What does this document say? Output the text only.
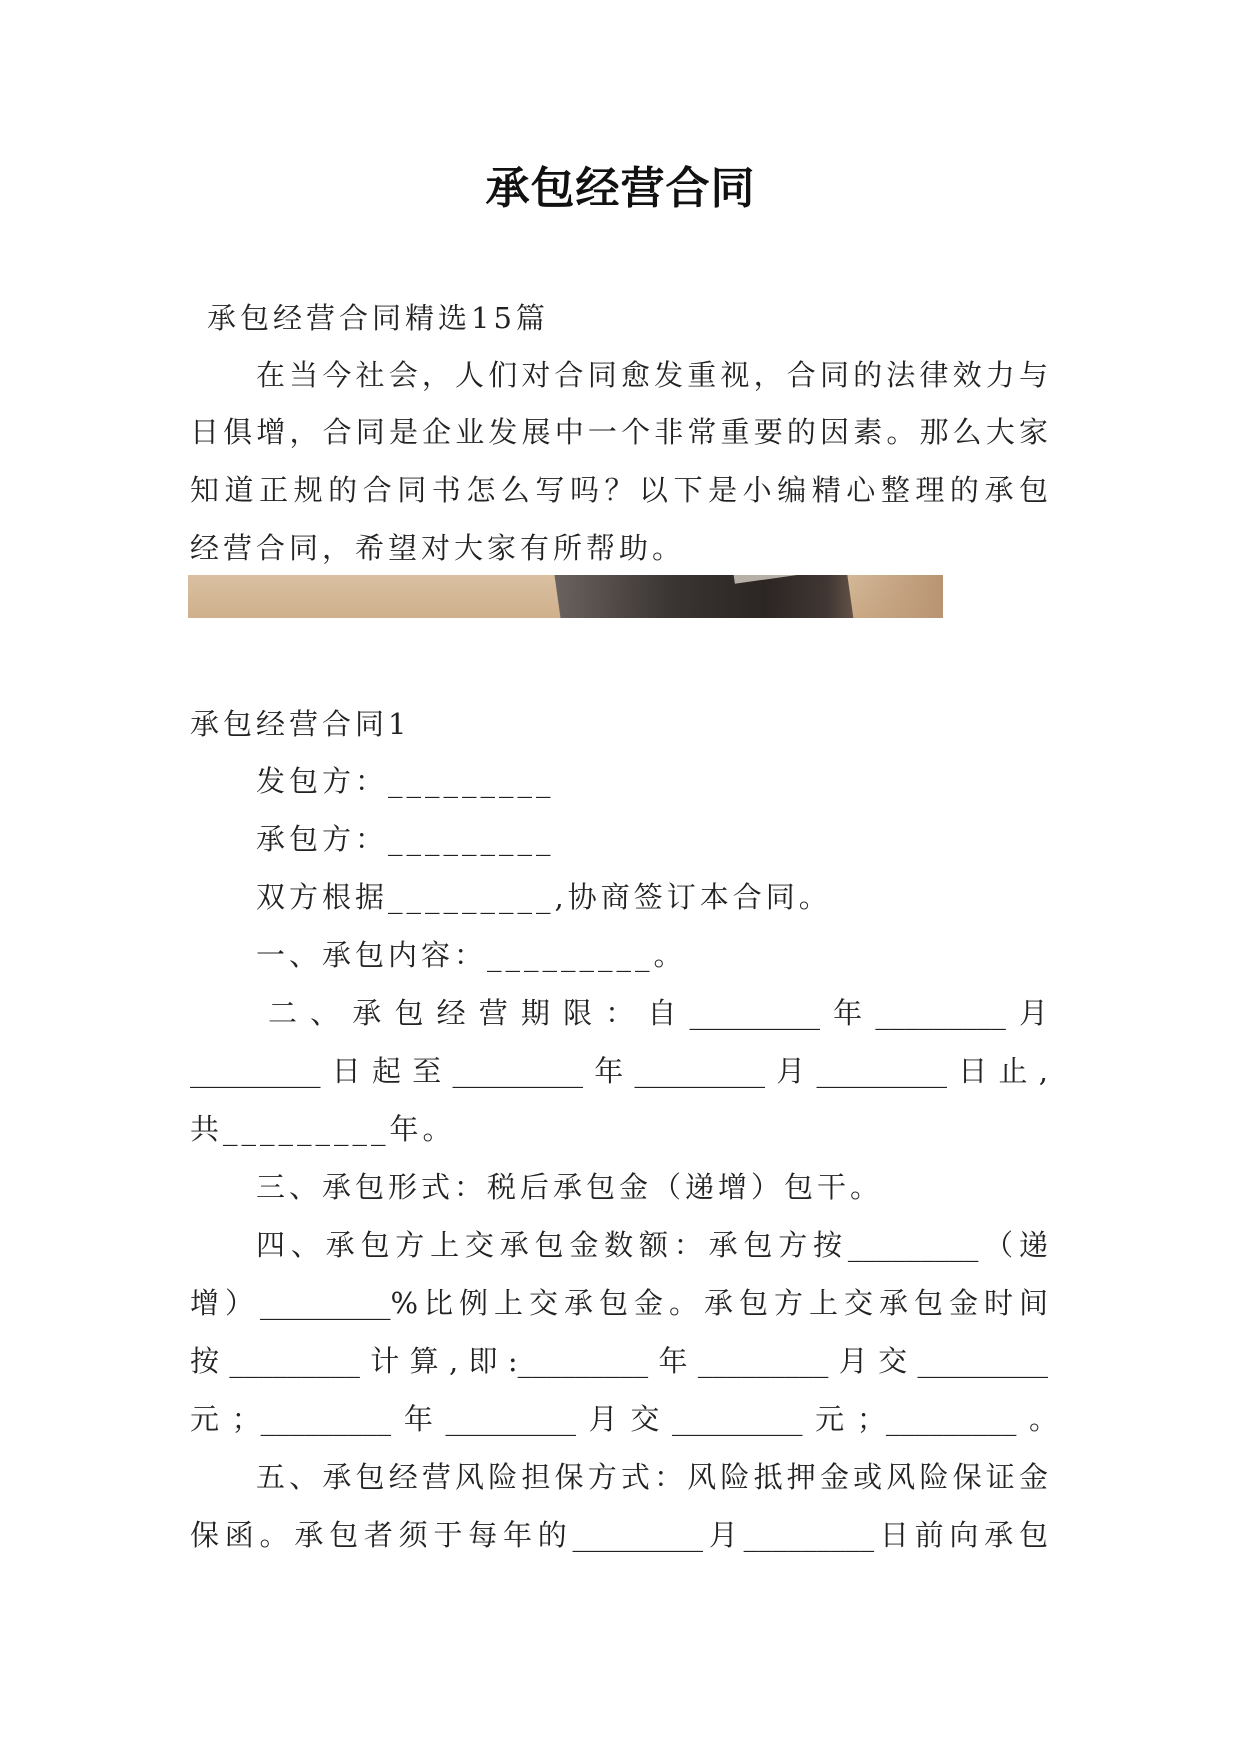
承包经营合同
承包经营合同精选15篇
在当今社会，人们对合同愈发重视，合同的法律效力与
日俱增，合同是企业发展中一个非常重要的因素。那么大家
知道正规的合同书怎么写吗？以下是小编精心整理的承包
经营合同，希望对大家有所帮助。
承包经营合同1
发包方：_________
承包方：_________
双方根据_________,协商签订本合同。
一、承包内容：_________。
二、承包经营期限：自_________年_________月
_________日起至_________年_________月_________日止,
共_________年。
三、承包形式：税后承包金（递增）包干。
四、承包方上交承包金数额：承包方按_________（递
增）_________%比例上交承包金。承包方上交承包金时间
按_________计算,即:_________年_________月交_________
元；_________年_________月交_________元；_________。
五、承包经营风险担保方式：风险抵押金或风险保证金
保函。承包者须于每年的_________月_________日前向承包
